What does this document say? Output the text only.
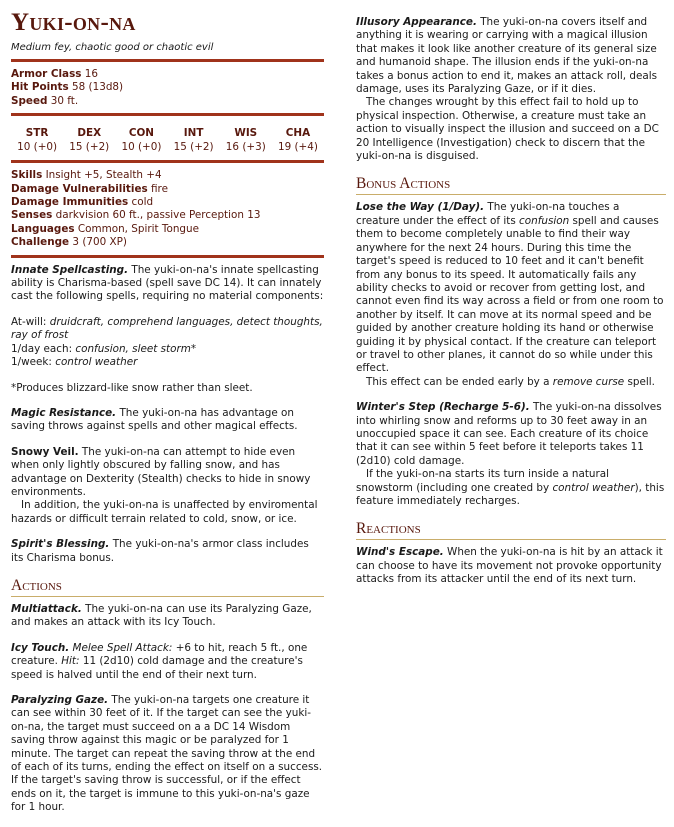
Yuki-on-na
Medium fey, chaotic good or chaotic evil
Armor Class 16
Hit Points 58 (13d8)
Speed 30 ft.
STR
10 (+0)
DEX
15 (+2)
CON
10 (+0)
INT
15 (+2)
WIS
16 (+3)
CHA
19 (+4)
Skills Insight +5, Stealth +4
Damage Vulnerabilities fire
Damage Immunities cold
Senses darkvision 60 ft., passive Perception 13
Languages Common, Spirit Tongue
Challenge 3 (700 XP)

Innate Spellcasting. The yuki-on-na's innate spellcasting ability is Charisma-based (spell save DC 14). It can innately cast the following spells, requiring no material components:

At-will: druidcraft, comprehend languages, detect thoughts, ray of frost

1/day each: confusion, sleet storm*

1/week: control weather

*Produces blizzard-like snow rather than sleet.

Magic Resistance. The yuki-on-na has advantage on saving throws against spells and other magical effects.

Snowy Veil. The yuki-on-na can attempt to hide even when only lightly obscured by falling snow, and has advantage on Dexterity (Stealth) checks to hide in snowy environments.

In addition, the yuki-on-na is unaffected by enviromental hazards or difficult terrain related to cold, snow, or ice.

Spirit's Blessing. The yuki-on-na's armor class includes its Charisma bonus.

Actions

Multiattack. The yuki-on-na can use its Paralyzing Gaze, and makes an attack with its Icy Touch.

Icy Touch. Melee Spell Attack: +6 to hit, reach 5 ft., one creature. Hit: 11 (2d10) cold damage and the creature's speed is halved until the end of their next turn.

Paralyzing Gaze. The yuki-on-na targets one creature it can see within 30 feet of it. If the target can see the yuki-on-na, the target must succeed on a a DC 14 Wisdom saving throw against this magic or be paralyzed for 1 minute. The target can repeat the saving throw at the end of each of its turns, ending the effect on itself on a success. If the target's saving throw is successful, or if the effect ends on it, the target is immune to this yuki-on-na's gaze for 1 hour.

Illusory Appearance. The yuki-on-na covers itself and anything it is wearing or carrying with a magical illusion that makes it look like another creature of its general size and humanoid shape. The illusion ends if the yuki-on-na takes a bonus action to end it, makes an attack roll, deals damage, uses its Paralyzing Gaze, or if it dies.

The changes wrought by this effect fail to hold up to physical inspection. Otherwise, a creature must take an action to visually inspect the illusion and succeed on a DC 20 Intelligence (Investigation) check to discern that the yuki-on-na is disguised.

Bonus Actions

Lose the Way (1/Day). The yuki-on-na touches a creature under the effect of its confusion spell and causes them to become completely unable to find their way anywhere for the next 24 hours. During this time the target's speed is reduced to 10 feet and it can't benefit from any bonus to its speed. It automatically fails any ability checks to avoid or recover from getting lost, and cannot even find its way across a field or from one room to another by itself. It can move at its normal speed and be guided by another creature holding its hand or otherwise guiding it by physical contact. If the creature can teleport or travel to other planes, it cannot do so while under this effect.

This effect can be ended early by a remove curse spell.

Winter's Step (Recharge 5-6). The yuki-on-na dissolves into whirling snow and reforms up to 30 feet away in an unoccupied space it can see. Each creature of its choice that it can see within 5 feet before it teleports takes 11 (2d10) cold damage.

If the yuki-on-na starts its turn inside a natural snowstorm (including one created by control weather), this feature immediately recharges.

Reactions

Wind's Escape. When the yuki-on-na is hit by an attack it can choose to have its movement not provoke opportunity attacks from its attacker until the end of its next turn.
